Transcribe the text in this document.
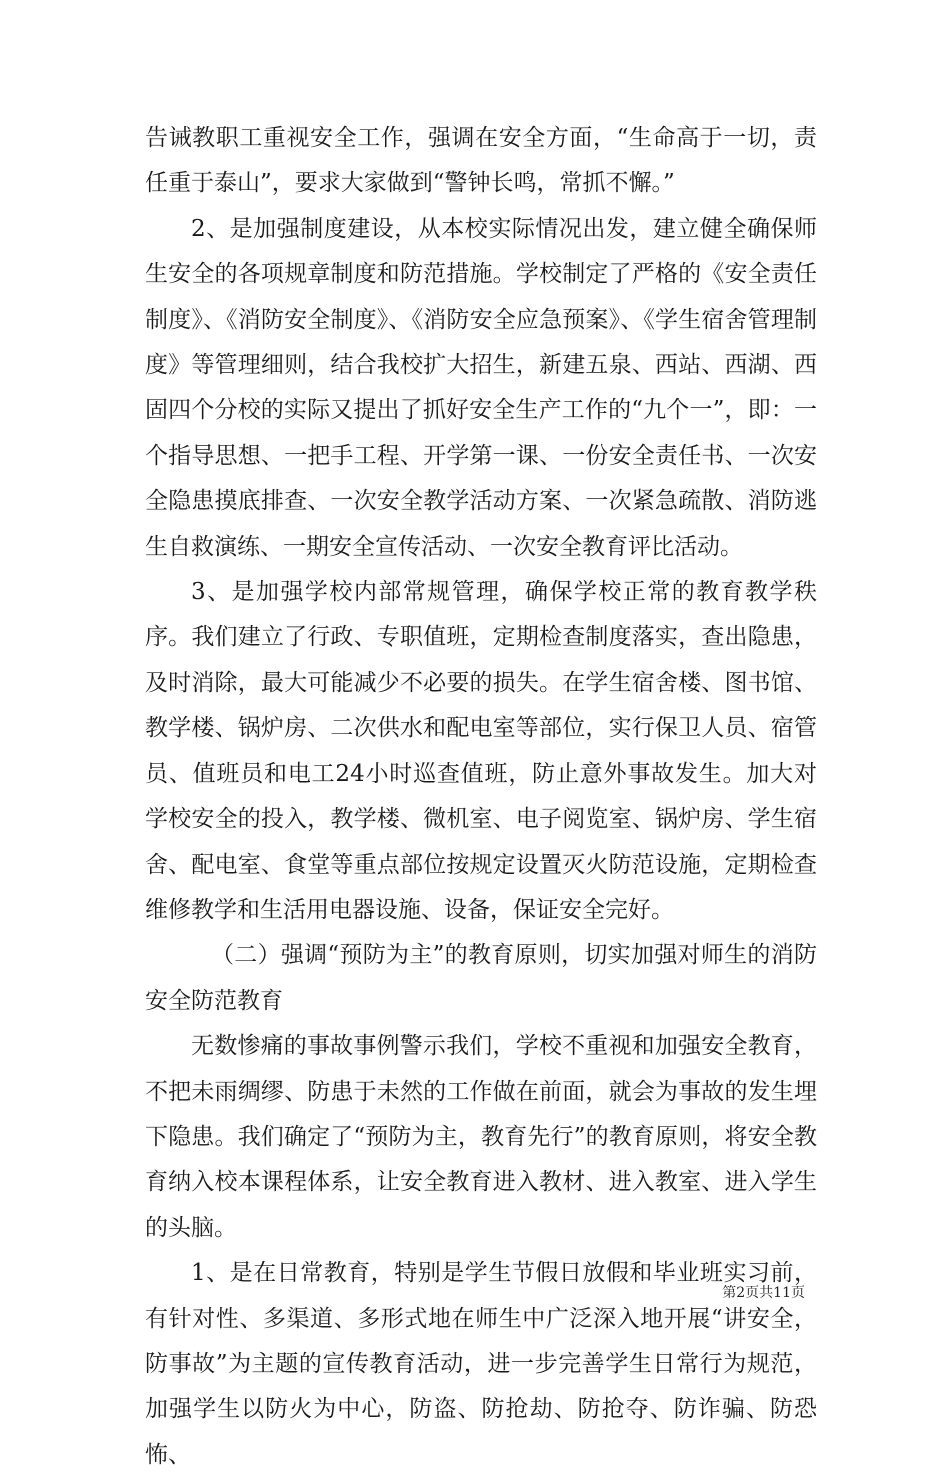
告诫教职工重视安全工作，强调在安全方面，“生命高于一切，责任重于泰山”，要求大家做到“警钟长鸣，常抓不懈。”

2、是加强制度建设，从本校实际情况出发，建立健全确保师生安全的各项规章制度和防范措施。学校制定了严格的《安全责任制度》、《消防安全制度》、《消防安全应急预案》、《学生宿舍管理制度》等管理细则，结合我校扩大招生，新建五泉、西站、西湖、西固四个分校的实际又提出了抓好安全生产工作的“九个一”，即：一个指导思想、一把手工程、开学第一课、一份安全责任书、一次安全隐患摸底排查、一次安全教学活动方案、一次紧急疏散、消防逃生自救演练、一期安全宣传活动、一次安全教育评比活动。

3、是加强学校内部常规管理，确保学校正常的教育教学秩序。我们建立了行政、专职值班，定期检查制度落实，查出隐患，及时消除，最大可能减少不必要的损失。在学生宿舍楼、图书馆、教学楼、锅炉房、二次供水和配电室等部位，实行保卫人员、宿管员、值班员和电工24小时巡查值班，防止意外事故发生。加大对学校安全的投入，教学楼、微机室、电子阅览室、锅炉房、学生宿舍、配电室、食堂等重点部位按规定设置灭火防范设施，定期检查维修教学和生活用电器设施、设备，保证安全完好。

（二）强调“预防为主”的教育原则，切实加强对师生的消防安全防范教育

无数惨痛的事故事例警示我们，学校不重视和加强安全教育，不把未雨绸缪、防患于未然的工作做在前面，就会为事故的发生埋下隐患。我们确定了“预防为主，教育先行”的教育原则，将安全教育纳入校本课程体系，让安全教育进入教材、进入教室、进入学生的头脑。

1、是在日常教育，特别是学生节假日放假和毕业班实习前，有针对性、多渠道、多形式地在师生中广泛深入地开展“讲安全，防事故”为主题的宣传教育活动，进一步完善学生日常行为规范，加强学生以防火为中心，防盗、防抢劫、防抢夺、防诈骗、防恐怖、

第2页共11页
